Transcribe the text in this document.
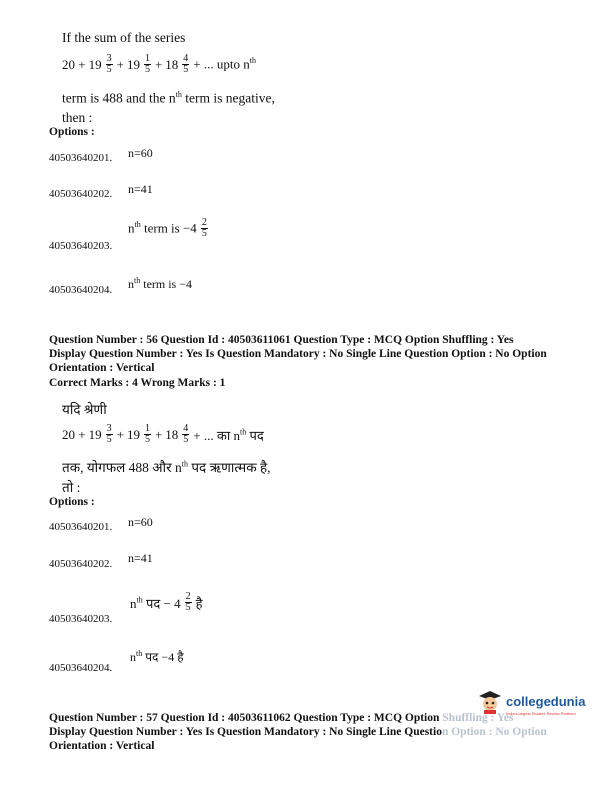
If the sum of the series
$20 + 19 \frac{3}{5} + 19 \frac{1}{5} + 18 \frac{4}{5}$ + ... upto $n^{th}$
term is 488 and the $n^{th}$ term is negative,
then :
Options :
40503640201. n=60
40503640202. n=41
40503640203.
$n^{th}$ term is $-4 \frac{2}{5}$
40503640204. $n^{th}$ term is −4
Question Number : 56 Question Id : 40503611061 Question Type : MCQ Option Shuffling : Yes
Display Question Number : Yes Is Question Mandatory : No Single Line Question Option : No Option
Orientation : Vertical
Correct Marks : 4 Wrong Marks : 1
यदि श्रेणी
$20 + 19 \frac{3}{5} + 19 \frac{1}{5} + 18 \frac{4}{5}$ + ... का $n^{th}$ पद
तक, योगफल 488 और $n^{th}$ पद ऋणात्मक है,
तो :
Options :
40503640201. n=60
40503640202. n=41
40503640203.
$n^{th}$ पद − $4 \frac{2}{5}$ है
40503640204.
$n^{th}$ पद −4 है
collegedunia
India's largest Student Review Platform
Question Number : 57 Question Id : 40503611062 Question Type : MCQ Option Shuffling : Yes
Display Question Number : Yes Is Question Mandatory : No Single Line Question Option : No Option
Orientation : Vertical
